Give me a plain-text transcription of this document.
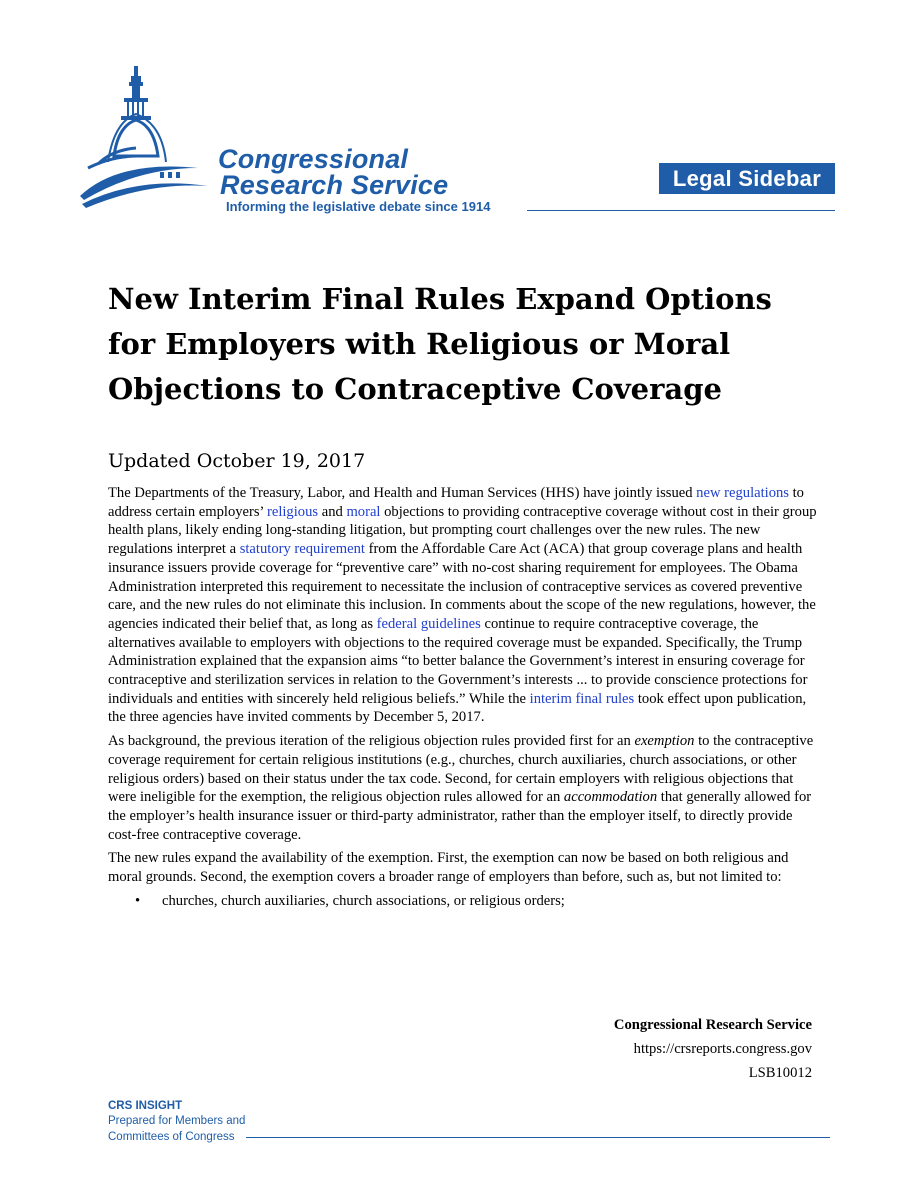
Congressional
Research Service
Informing the legislative debate since 1914
Legal Sidebar
New Interim Final Rules Expand Options for Employers with Religious or Moral Objections to Contraceptive Coverage
Updated October 19, 2017

The Departments of the Treasury, Labor, and Health and Human Services (HHS) have jointly issued new regulations to address certain employers’ religious and moral objections to providing contraceptive coverage without cost in their group health plans, likely ending long-standing litigation, but prompting court challenges over the new rules. The new regulations interpret a statutory requirement from the Affordable Care Act (ACA) that group coverage plans and health insurance issuers provide coverage for “preventive care” with no-cost sharing requirement for employees. The Obama Administration interpreted this requirement to necessitate the inclusion of contraceptive services as covered preventive care, and the new rules do not eliminate this inclusion. In comments about the scope of the new regulations, however, the agencies indicated their belief that, as long as federal guidelines continue to require contraceptive coverage, the alternatives available to employers with objections to the required coverage must be expanded. Specifically, the Trump Administration explained that the expansion aims “to better balance the Government’s interest in ensuring coverage for contraceptive and sterilization services in relation to the Government’s interests ... to provide conscience protections for individuals and entities with sincerely held religious beliefs.” While the interim final rules took effect upon publication, the three agencies have invited comments by December 5, 2017.

As background, the previous iteration of the religious objection rules provided first for an exemption to the contraceptive coverage requirement for certain religious institutions (e.g., churches, church auxiliaries, church associations, or other religious orders) based on their status under the tax code. Second, for certain employers with religious objections that were ineligible for the exemption, the religious objection rules allowed for an accommodation that generally allowed for the employer’s health insurance issuer or third-party administrator, rather than the employer itself, to directly provide cost-free contraceptive coverage.

The new rules expand the availability of the exemption. First, the exemption can now be based on both religious and moral grounds. Second, the exemption covers a broader range of employers than before, such as, but not limited to:

• churches, church auxiliaries, church associations, or religious orders;
Congressional Research Service
https://crsreports.congress.gov
LSB10012
CRS INSIGHT
Prepared for Members and
Committees of Congress
